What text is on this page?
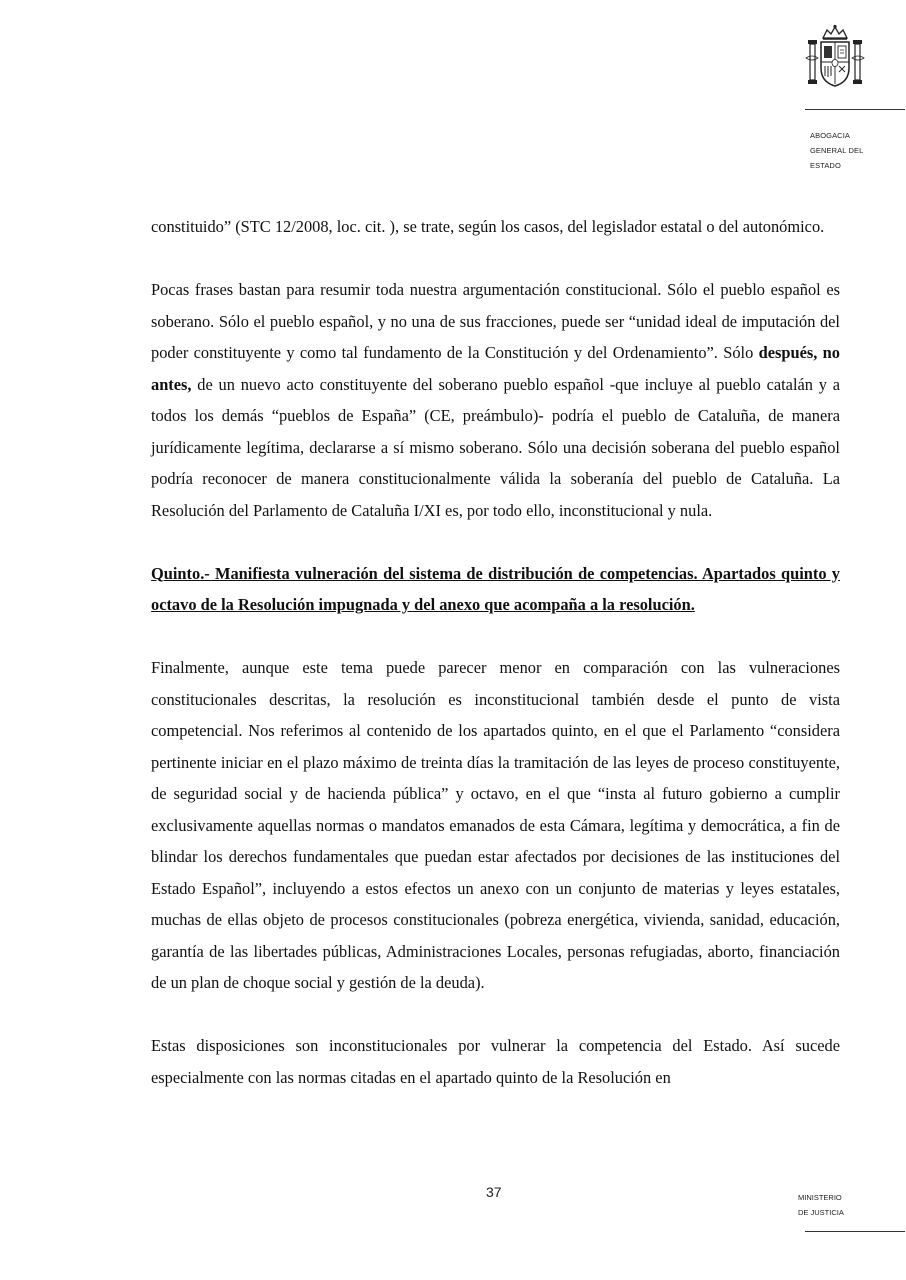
ABOGACIA
GENERAL DEL
ESTADO

constituido” (STC 12/2008, loc. cit. ), se trate, según los casos, del legislador estatal o del autonómico.

Pocas frases bastan para resumir toda nuestra argumentación constitucional. Sólo el pueblo español es soberano. Sólo el pueblo español, y no una de sus fracciones, puede ser “unidad ideal de imputación del poder constituyente y como tal fundamento de la Constitución y del Ordenamiento”. Sólo después, no antes, de un nuevo acto constituyente del soberano pueblo español -que incluye al pueblo catalán y a todos los demás “pueblos de España” (CE, preámbulo)- podría el pueblo de Cataluña, de manera jurídicamente legítima, declararse a sí mismo soberano. Sólo una decisión soberana del pueblo español podría reconocer de manera constitucionalmente válida la soberanía del pueblo de Cataluña. La Resolución del Parlamento de Cataluña I/XI es, por todo ello, inconstitucional y nula.

Quinto.- Manifiesta vulneración del sistema de distribución de competencias. Apartados quinto y octavo de la Resolución impugnada y del anexo que acompaña a la resolución.

Finalmente, aunque este tema puede parecer menor en comparación con las vulneraciones constitucionales descritas, la resolución es inconstitucional también desde el punto de vista competencial. Nos referimos al contenido de los apartados quinto, en el que el Parlamento “considera pertinente iniciar en el plazo máximo de treinta días la tramitación de las leyes de proceso constituyente, de seguridad social y de hacienda pública” y octavo, en el que “insta al futuro gobierno a cumplir exclusivamente aquellas normas o mandatos emanados de esta Cámara, legítima y democrática, a fin de blindar los derechos fundamentales que puedan estar afectados por decisiones de las instituciones del Estado Español”, incluyendo a estos efectos un anexo con un conjunto de materias y leyes estatales, muchas de ellas objeto de procesos constitucionales (pobreza energética, vivienda, sanidad, educación, garantía de las libertades públicas, Administraciones Locales, personas refugiadas, aborto, financiación de un plan de choque social y gestión de la deuda).

Estas disposiciones son inconstitucionales por vulnerar la competencia del Estado. Así sucede especialmente con las normas citadas en el apartado quinto de la Resolución en

37	MINISTERIO
DE JUSTICIA
